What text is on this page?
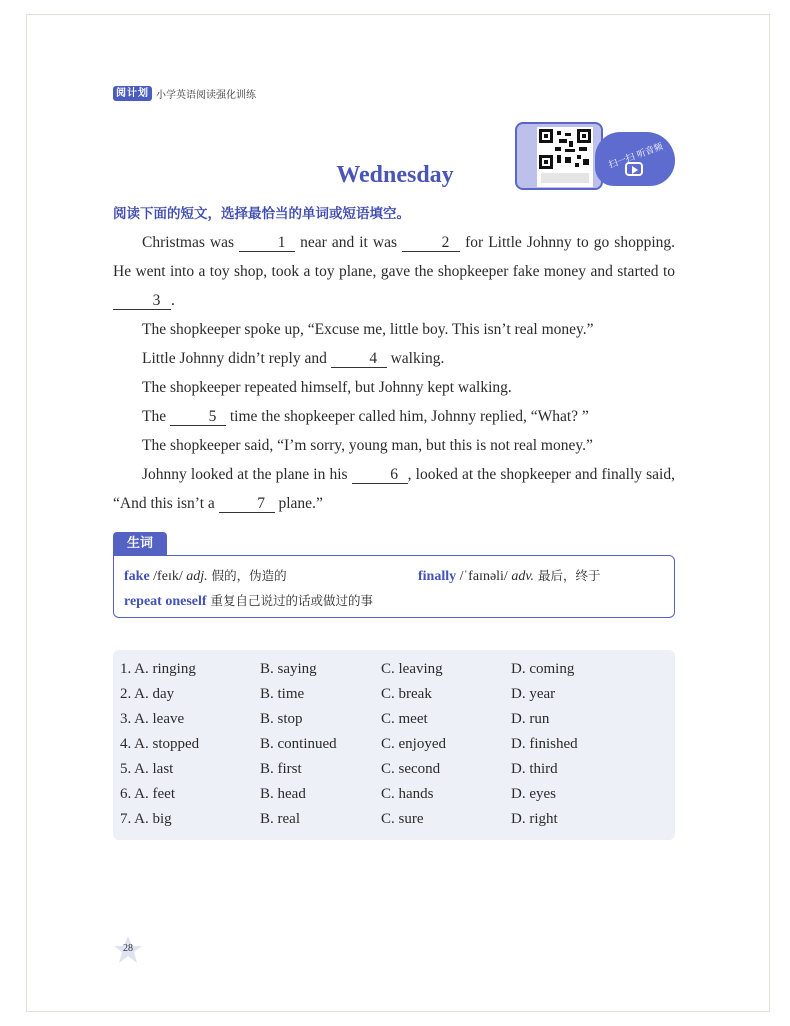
阅计划 小学英语阅读强化训练
扫一扫 听音频
Wednesday
阅读下面的短文，选择最恰当的单词或短语填空。

Christmas was 1 near and it was	2 for Little Johnny to go shopping. He went into a toy shop, took a toy plane, gave the shopkeeper fake money and started to 3 .

The shopkeeper spoke up, “Excuse me, little boy. This isn’t real money.”

Little Johnny didn’t reply and 4 walking.

The shopkeeper repeated himself, but Johnny kept walking.

The 5 time the shopkeeper called him, Johnny replied, “What? ”

The shopkeeper said, “I’m sorry, young man, but this is not real money.”

Johnny looked at the plane in his 6 , looked at the shopkeeper and finally said, “And this isn’t a 7 plane.”

生词
fake /feɪk/ adj. 假的，伪造的	finally /ˈfaɪnəli/ adv. 最后，终于
repeat oneself 重复自己说过的话或做过的事
1. A. ringing	B. saying	C. leaving	D. coming
2. A. day	B. time	C. break	D. year
3. A. leave	B. stop	C. meet	D. run
4. A. stopped	B. continued	C. enjoyed	D. finished
5. A. last	B. first	C. second	D. third
6. A. feet	B. head	C. hands	D. eyes
7. A. big	B. real	C. sure	D. right
28
